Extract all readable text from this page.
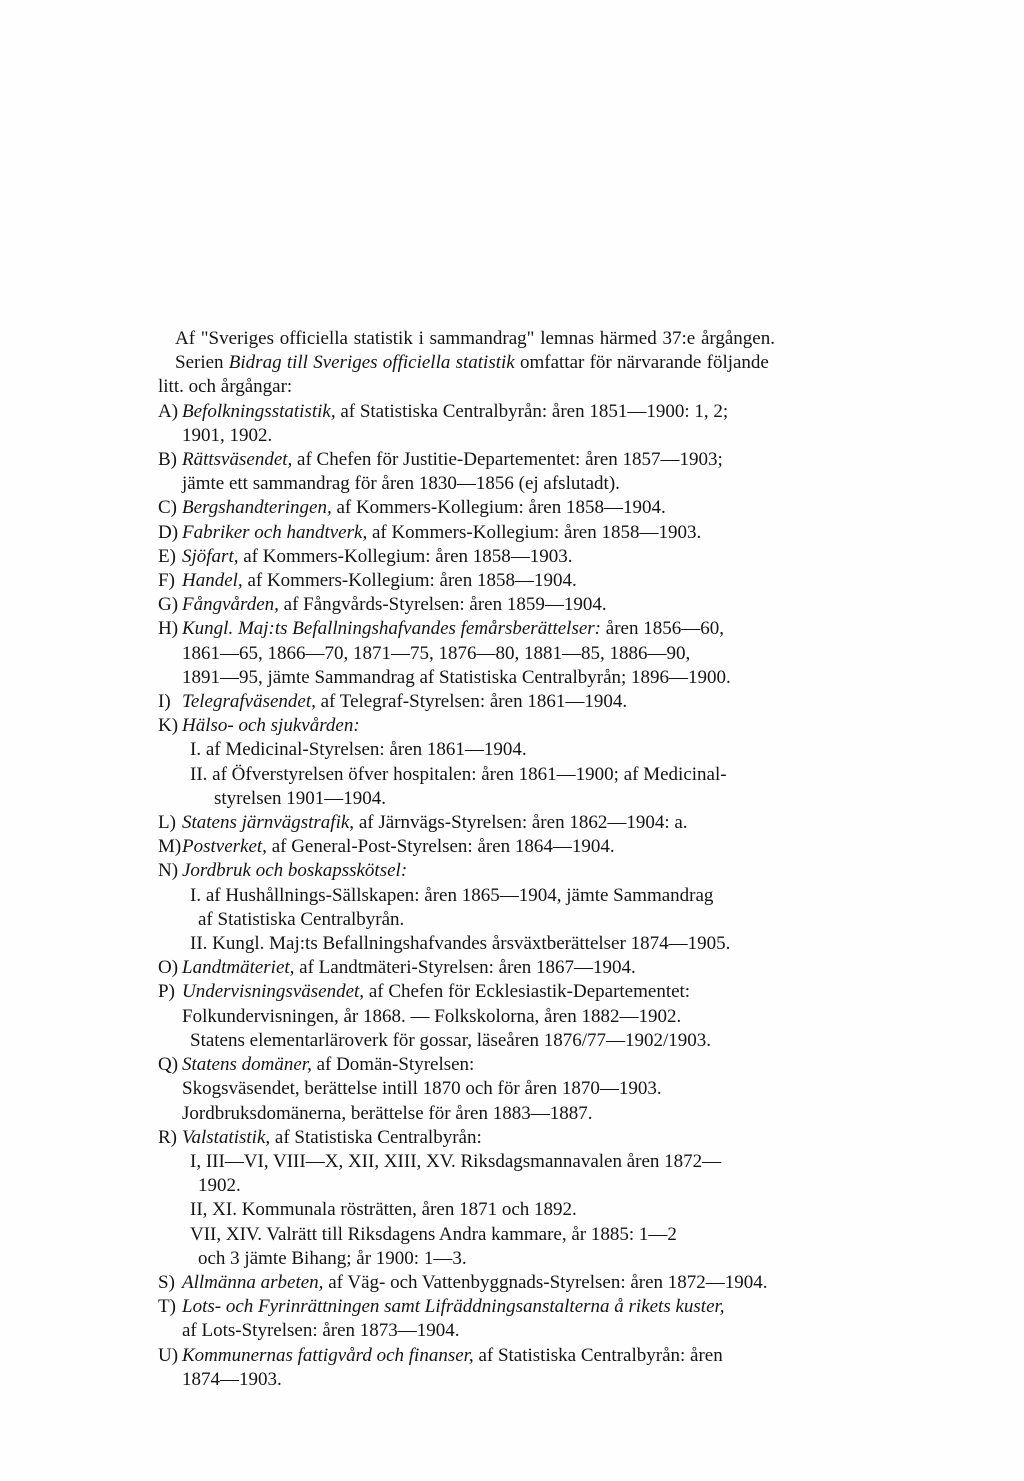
Af "Sveriges officiella statistik i sammandrag" lemnas härmed 37:e årgången.

Serien Bidrag till Sveriges officiella statistik omfattar för närvarande följande

litt. och årgångar:

A) Befolkningsstatistik, af Statistiska Centralbyrån: åren 1851—1900: 1, 2;

1901, 1902.

B) Rättsväsendet, af Chefen för Justitie-Departementet: åren 1857—1903;

jämte ett sammandrag för åren 1830—1856 (ej afslutadt).

C) Bergshandteringen, af Kommers-Kollegium: åren 1858—1904.

D) Fabriker och handtverk, af Kommers-Kollegium: åren 1858—1903.

E) Sjöfart, af Kommers-Kollegium: åren 1858—1903.

F) Handel, af Kommers-Kollegium: åren 1858—1904.

G) Fångvården, af Fångvårds-Styrelsen: åren 1859—1904.

H) Kungl. Maj:ts Befallningshafvandes femårsberättelser: åren 1856—60,

1861—65, 1866—70, 1871—75, 1876—80, 1881—85, 1886—90,

1891—95, jämte Sammandrag af Statistiska Centralbyrån; 1896—1900.

I) Telegrafväsendet, af Telegraf-Styrelsen: åren 1861—1904.

K) Hälso- och sjukvården:

I. af Medicinal-Styrelsen: åren 1861—1904.

II. af Öfverstyrelsen öfver hospitalen: åren 1861—1900; af Medicinal-

styrelsen 1901—1904.

L) Statens järnvägstrafik, af Järnvägs-Styrelsen: åren 1862—1904: a.

M) Postverket, af General-Post-Styrelsen: åren 1864—1904.

N) Jordbruk och boskapsskötsel:

I. af Hushållnings-Sällskapen: åren 1865—1904, jämte Sammandrag

af Statistiska Centralbyrån.

II. Kungl. Maj:ts Befallningshafvandes årsväxtberättelser 1874—1905.

O) Landtmäteriet, af Landtmäteri-Styrelsen: åren 1867—1904.

P) Undervisningsväsendet, af Chefen för Ecklesiastik-Departementet:

Folkundervisningen, år 1868. — Folkskolorna, åren 1882—1902.

Statens elementarläroverk för gossar, läseåren 1876/77—1902/1903.

Q) Statens domäner, af Domän-Styrelsen:

Skogsväsendet, berättelse intill 1870 och för åren 1870—1903.

Jordbruksdomänerna, berättelse för åren 1883—1887.

R) Valstatistik, af Statistiska Centralbyrån:

I, III—VI, VIII—X, XII, XIII, XV. Riksdagsmannavalen åren 1872—

1902.

II, XI. Kommunala rösträtten, åren 1871 och 1892.

VII, XIV. Valrätt till Riksdagens Andra kammare, år 1885: 1—2

och 3 jämte Bihang; år 1900: 1—3.

S) Allmänna arbeten, af Väg- och Vattenbyggnads-Styrelsen: åren 1872—1904.

T) Lots- och Fyrinrättningen samt Lifräddningsanstalterna å rikets kuster,

af Lots-Styrelsen: åren 1873—1904.

U) Kommunernas fattigvård och finanser, af Statistiska Centralbyrån: åren

1874—1903.
